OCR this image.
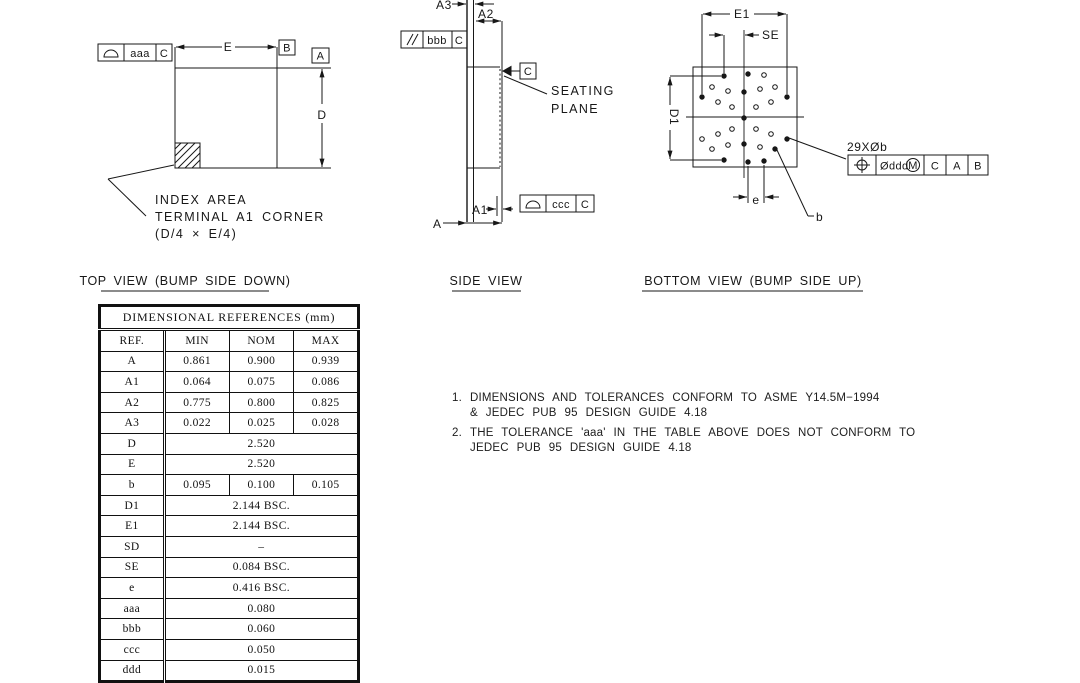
E
D
B
A
aaa C
INDEX AREA
TERMINAL A1 CORNER
(D/4 × E/4)
A3
A2
A1
A
C
SEATING
PLANE
bbb C
ccc C
E1
SE
D1
e
b
29XØb
Øddd M C A B
TOP VIEW (BUMP SIDE DOWN)	SIDE VIEW	BOTTOM VIEW (BUMP SIDE UP)
DIMENSIONAL REFERENCES (mm)			
REF.	MIN	NOM	MAX
A	0.861	0.900	0.939
A1	0.064	0.075	0.086
A2	0.775	0.800	0.825
A3	0.022	0.025	0.028
D	2.520		
E	2.520		
b	0.095	0.100	0.105
D1	2.144 BSC.		
E1	2.144 BSC.		
SD	–		
SE	0.084 BSC.		
e	0.416 BSC.		
aaa	0.080		
bbb	0.060		
ccc	0.050		
ddd	0.015		
1. DIMENSIONS AND TOLERANCES CONFORM TO ASME Y14.5M−1994
& JEDEC PUB 95 DESIGN GUIDE 4.18
2. THE TOLERANCE 'aaa' IN THE TABLE ABOVE DOES NOT CONFORM TO
JEDEC PUB 95 DESIGN GUIDE 4.18
